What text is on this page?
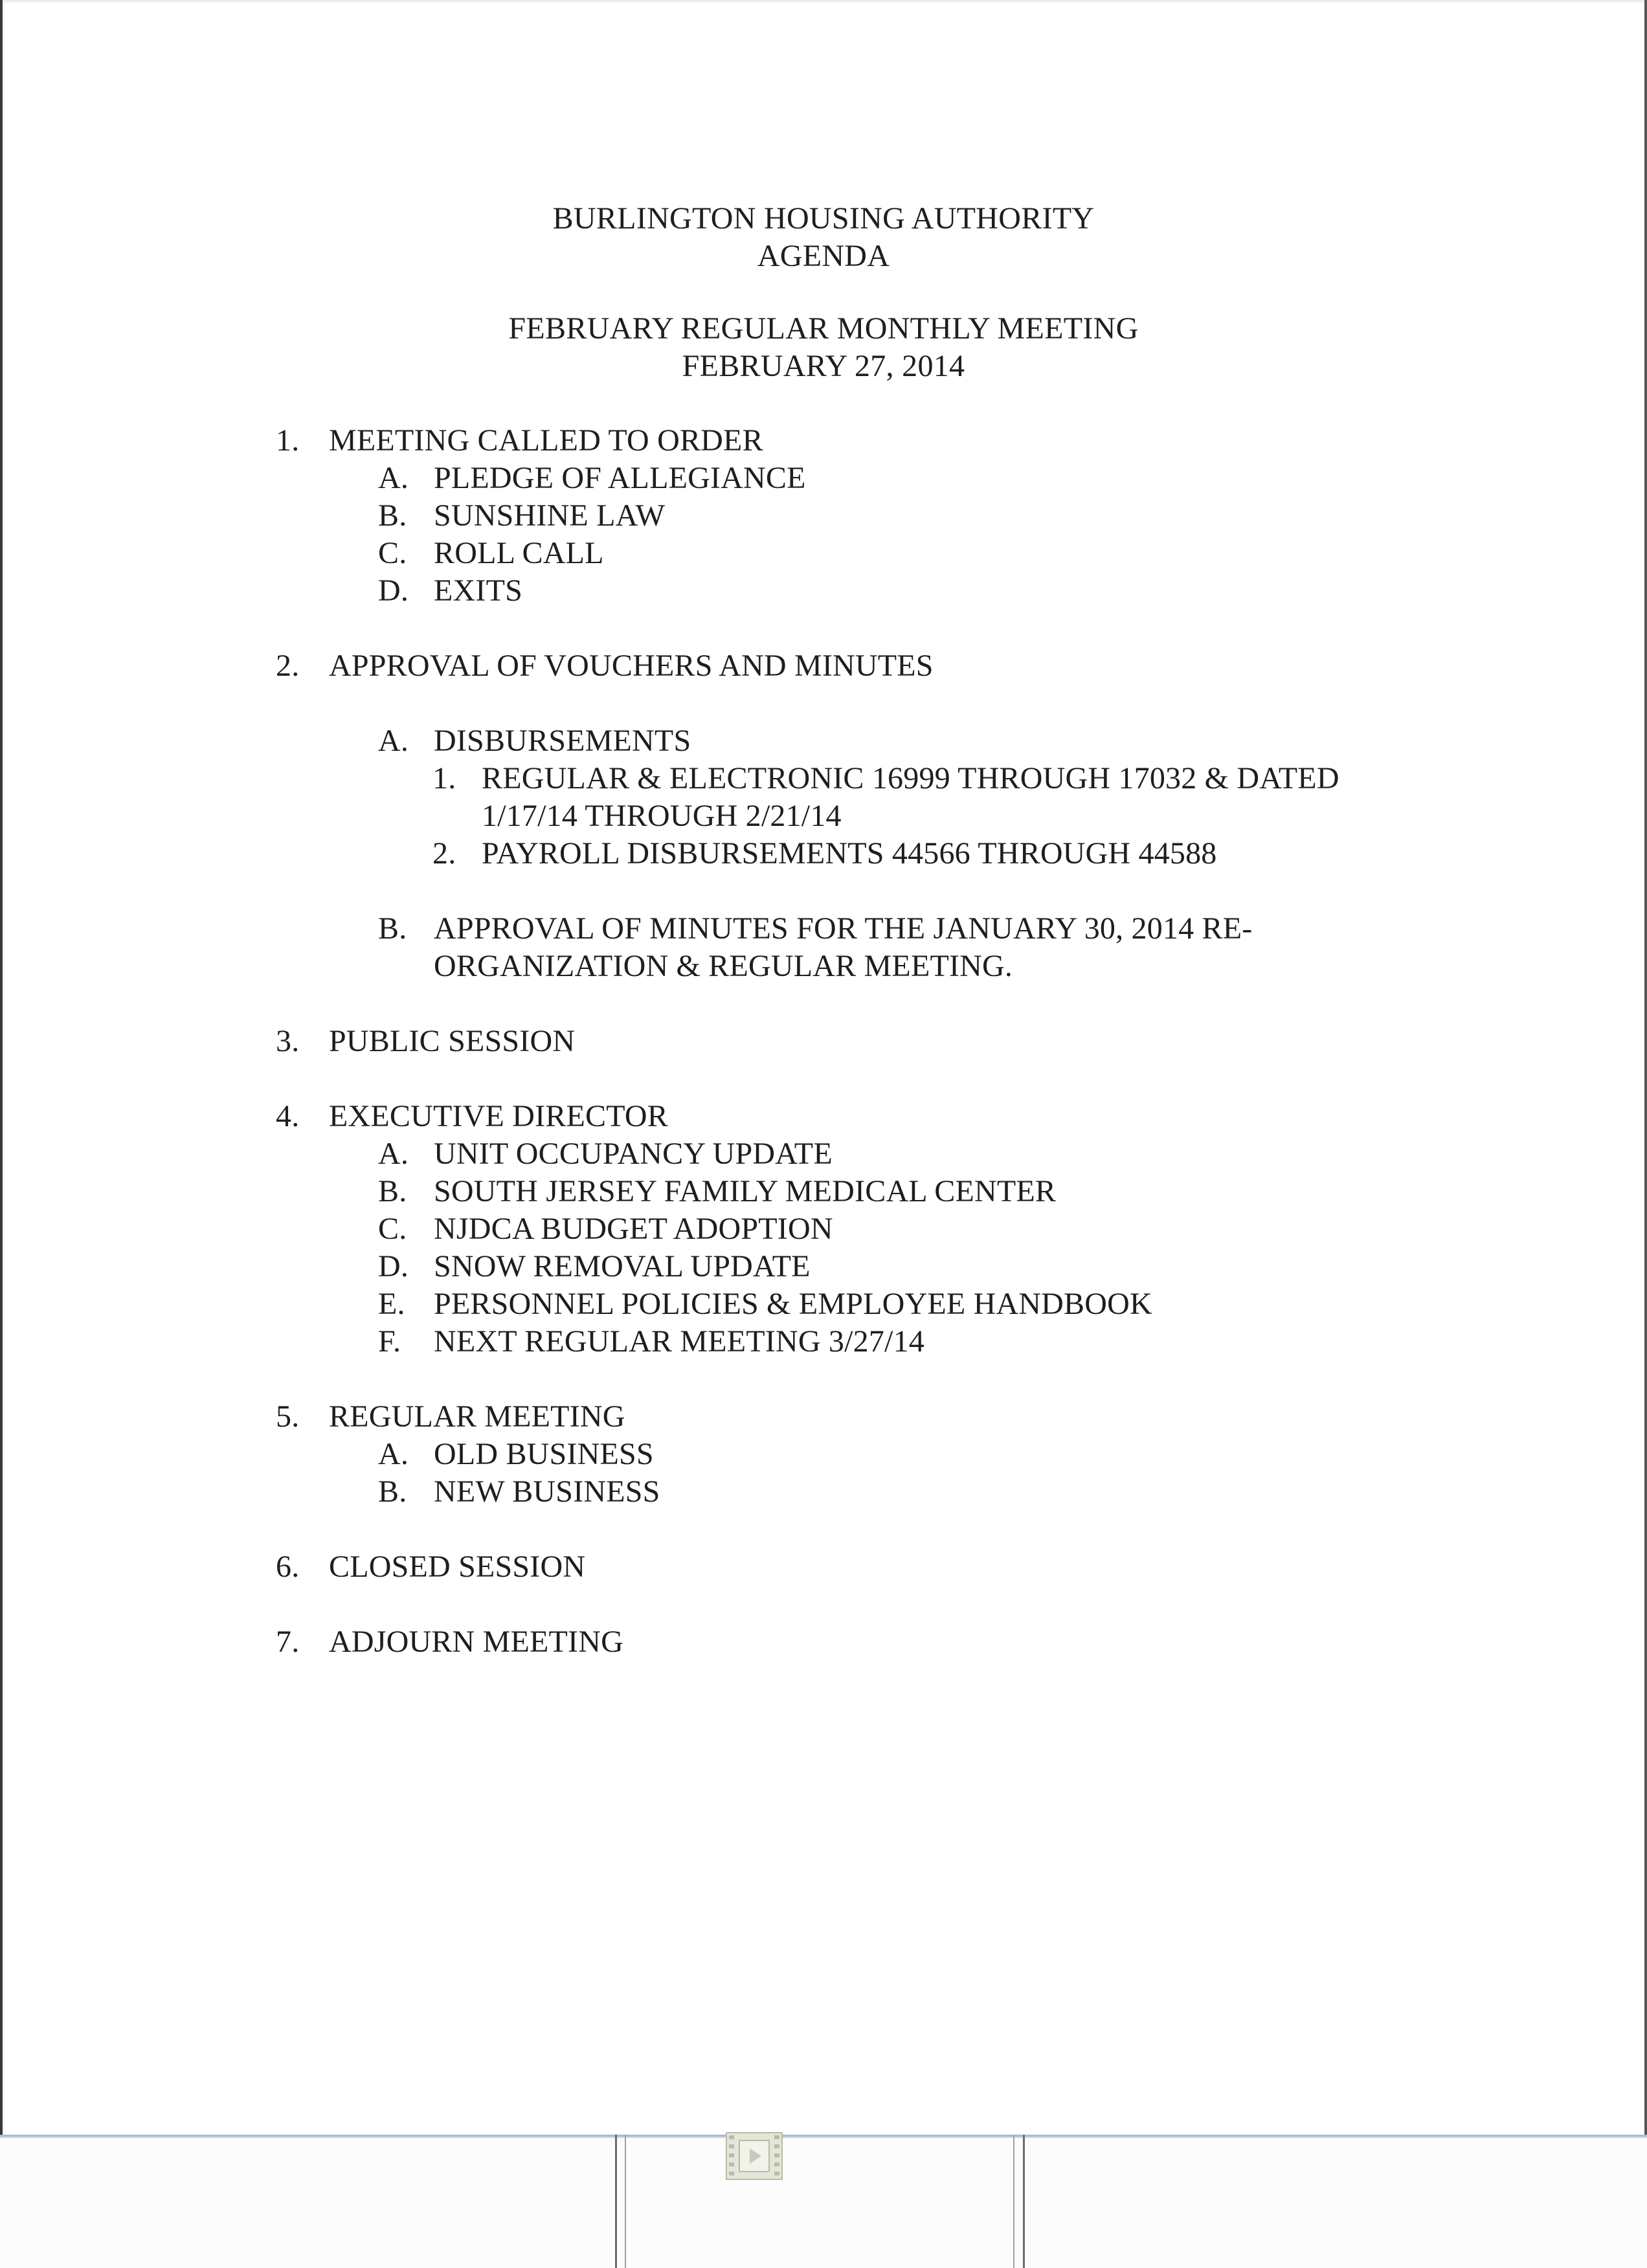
BURLINGTON HOUSING AUTHORITY
AGENDA
FEBRUARY REGULAR MONTHLY MEETING
FEBRUARY 27, 2014
1. MEETING CALLED TO ORDER
A. PLEDGE OF ALLEGIANCE
B. SUNSHINE LAW
C. ROLL CALL
D. EXITS
2. APPROVAL OF VOUCHERS AND MINUTES
A. DISBURSEMENTS
1. REGULAR & ELECTRONIC 16999 THROUGH 17032 & DATED
1/17/14 THROUGH 2/21/14
2. PAYROLL DISBURSEMENTS 44566 THROUGH 44588
B. APPROVAL OF MINUTES FOR THE JANUARY 30, 2014 RE-
ORGANIZATION & REGULAR MEETING.
3. PUBLIC SESSION
4. EXECUTIVE DIRECTOR
A. UNIT OCCUPANCY UPDATE
B. SOUTH JERSEY FAMILY MEDICAL CENTER
C. NJDCA BUDGET ADOPTION
D. SNOW REMOVAL UPDATE
E. PERSONNEL POLICIES & EMPLOYEE HANDBOOK
F. NEXT REGULAR MEETING 3/27/14
5. REGULAR MEETING
A. OLD BUSINESS
B. NEW BUSINESS
6. CLOSED SESSION
7. ADJOURN MEETING
